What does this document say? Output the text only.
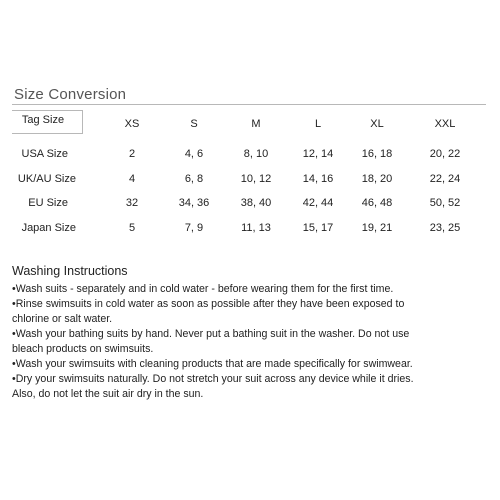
Size Conversion
Tag Size	XS	S	M	L	XL	XXL
USA Size	2	4, 6	8, 10	12, 14	16, 18	20, 22
UK/AU Size	4	6, 8	10, 12	14, 16	18, 20	22, 24
EU Size	32	34, 36	38, 40	42, 44	46, 48	50, 52
Japan Size	5	7, 9	11, 13	15, 17	19, 21	23, 25
Washing Instructions
•Wash suits - separately and in cold water - before wearing them for the first time.
•Rinse swimsuits in cold water as soon as possible after they have been exposed to
chlorine or salt water.
•Wash your bathing suits by hand. Never put a bathing suit in the washer. Do not use
bleach products on swimsuits.
•Wash your swimsuits with cleaning products that are made specifically for swimwear.
•Dry your swimsuits naturally. Do not stretch your suit across any device while it dries.
Also, do not let the suit air dry in the sun.
